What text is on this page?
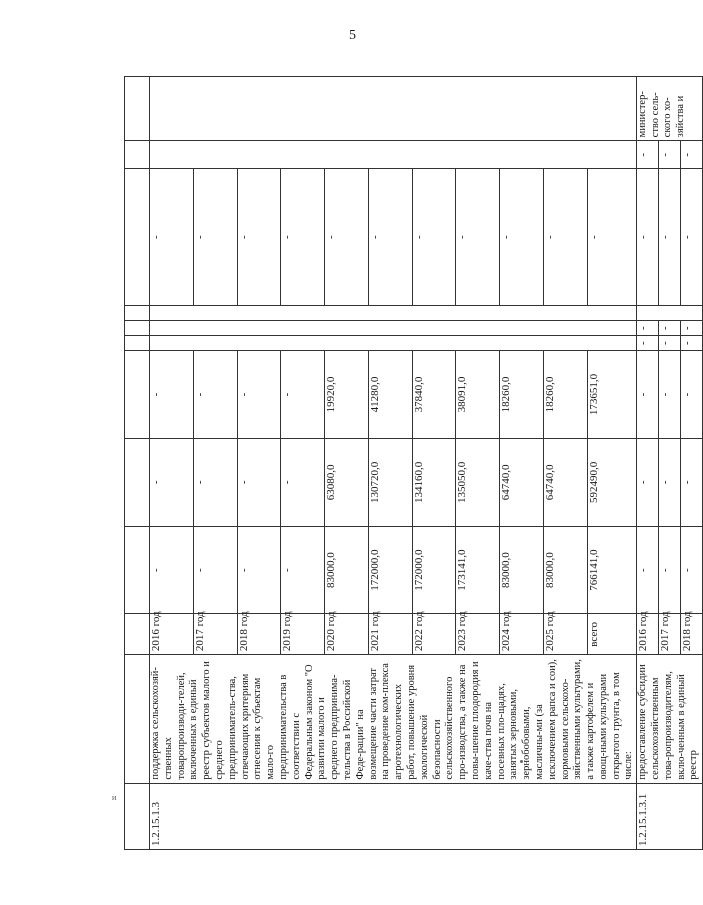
5
и

1.2.15.1.3	поддержка сельскохозяй-ственных товаропроизводи-телей, включенных в единый реестр субъектов малого и среднего предприниматель-ства, отвечающих критериям отнесения к субъектам мало-го предпринимательства в соответствии с Федеральным законом "О развитии малого и среднего предпринима-тельства в Российской Феде-рации" на возмещение части затрат на проведение ком-плекса агротехнологических работ, повышение уровня экологической безопасности сельскохозяйственного про-изводства, а также на повы-шение плодородия и каче-ства почв на посевных пло-щадях, занятых зерновыми, зернобобовыми, масличны-ми (за исключением рапса и сои), кормовыми сельскохо-зяйственными культурами, а также картофелем и овощ-ными культурами открытого грунта, в том числе:	2016 год	-	-	-				-		
		2017 год	-	-	-				-		
		2018 год	-	-	-				-		
		2019 год	-	-	-				-		
		2020 год	83000,0	63080,0	19920,0				-		
		2021 год	172000,0	130720,0	41280,0				-		
		2022 год	172000,0	134160,0	37840,0				-		
		2023 год	173141,0	135050,0	38091,0				-		
		2024 год	83000,0	64740,0	18260,0				-		
		2025 год	83000,0	64740,0	18260,0				-		
		всего	766141,0	592490,0	173651,0				-		
1.2.15.1.3.1	предоставление субсидии сельскохозяйственным това-ропроизводителям, вклю-ченным в единый реестр	2016 год	-	-	-	-	-		-	-	министер-ство сель-ского хо-зяйства и
		2017 год	-	-	-	-	-		-	-	
		2018 год	-	-	-	-	-		-	-	
